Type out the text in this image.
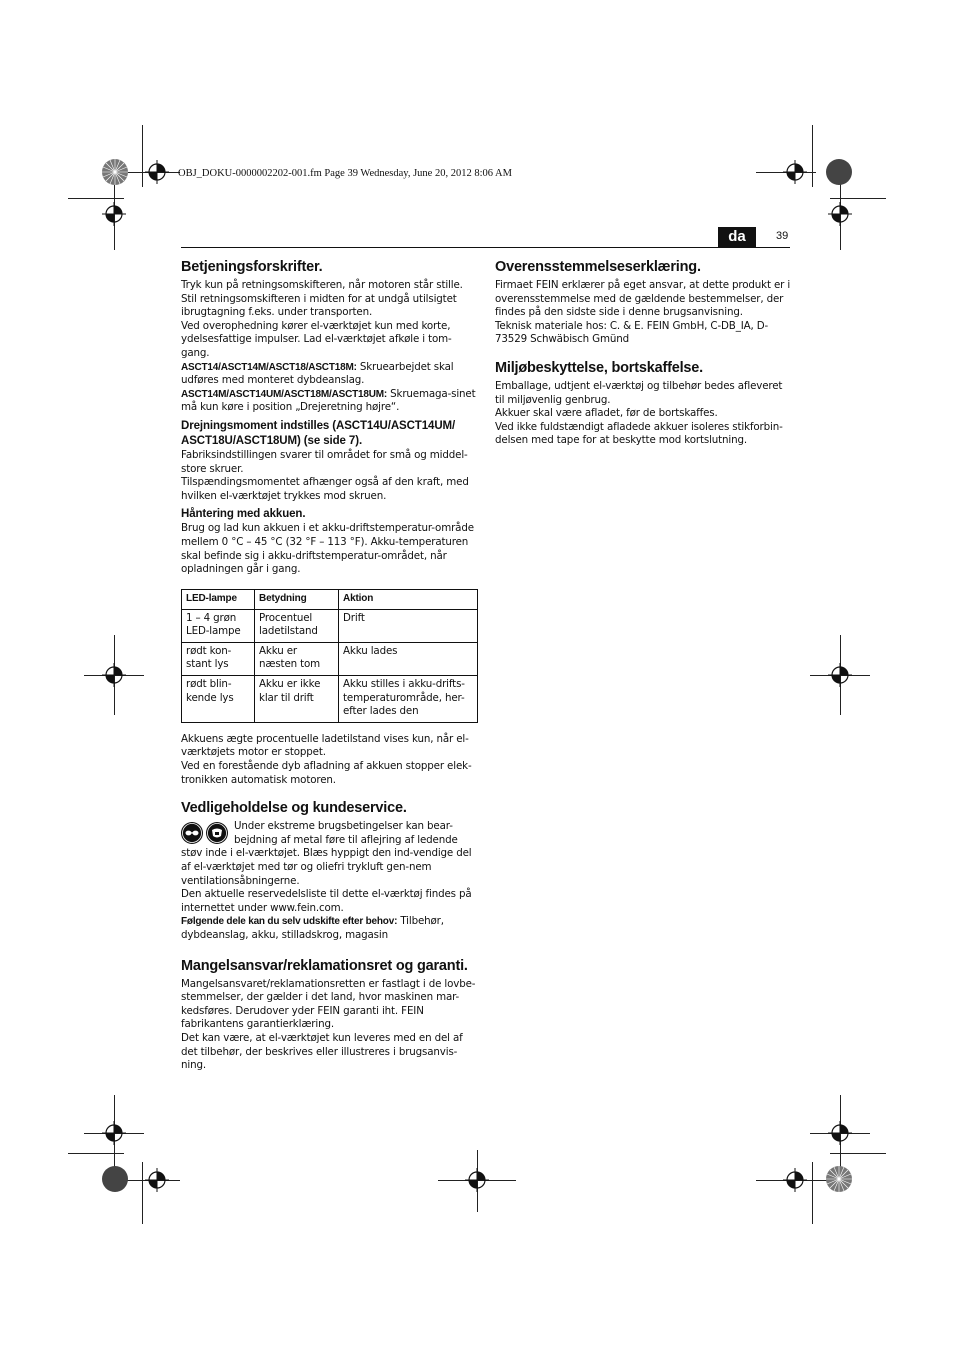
OBJ_DOKU-0000002202-001.fm Page 39 Wednesday, June 20, 2012 8:06 AM
da	39
Betjeningsforskrifter.

Tryk kun på retningsomskifteren, når motoren står stille.

Stil retningsomskifteren i midten for at undgå utilsigtet ibrugtagning f.eks. under transporten.

Ved overophedning kører el-værktøjet kun med korte, ydelsesfattige impulser. Lad el-værktøjet afkøle i tom-gang.

ASCT14/ASCT14M/ASCT18/ASCT18M: Skruearbejdet skal udføres med monteret dybdeanslag.

ASCT14M/ASCT14UM/ASCT18M/ASCT18UM: Skruemaga-sinet må kun køre i position „Drejeretning højre“.

Drejningsmoment indstilles (ASCT14U/ASCT14UM/ ASCT18U/ASCT18UM) (se side 7).

Fabriksindstillingen svarer til området for små og middel-store skruer.

Tilspændingsmomentet afhænger også af den kraft, med hvilken el-værktøjet trykkes mod skruen.

Håntering med akkuen.

Brug og lad kun akkuen i et akku-driftstemperatur-område mellem 0 °C – 45 °C (32 °F – 113 °F). Akku-temperaturen skal befinde sig i akku-driftstemperatur-området, når opladningen går i gang.

LED-lampe	Betydning	Aktion
1 – 4 grøn LED-lampe	Procentuel ladetilstand	Drift
rødt kon-stant lys	Akku er næsten tom	Akku lades
rødt blin-kende lys	Akku er ikke klar til drift	Akku stilles i akku-drifts-temperaturområde, her-efter lades den

Akkuens ægte procentuelle ladetilstand vises kun, når el-værktøjets motor er stoppet.

Ved en forestående dyb afladning af akkuen stopper elek-tronikken automatisk motoren.

Vedligeholdelse og kundeservice.

Under ekstreme brugsbetingelser kan bear-bejdning af metal føre til aflejring af ledende støv inde i el-værktøjet. Blæs hyppigt den ind-vendige del af el-værktøjet med tør og oliefri trykluft gen-nem ventilationsåbningerne.

Den aktuelle reservedelsliste til dette el-værktøj findes på internettet under www.fein.com.

Følgende dele kan du selv udskifte efter behov: Tilbehør, dybdeanslag, akku, stilladskrog, magasin

Mangelsansvar/reklamationsret og garanti.

Mangelsansvaret/reklamationsretten er fastlagt i de lovbe-stemmelser, der gælder i det land, hvor maskinen mar-kedsføres. Derudover yder FEIN garanti iht. FEIN fabrikantens garantierklæring.

Det kan være, at el-værktøjet kun leveres med en del af det tilbehør, der beskrives eller illustreres i brugsanvis-ning.

Overensstemmelseserklæring.

Firmaet FEIN erklærer på eget ansvar, at dette produkt er i overensstemmelse med de gældende bestemmelser, der findes på den sidste side i denne brugsanvisning.

Teknisk materiale hos: C. & E. FEIN GmbH, C-DB_IA, D-73529 Schwäbisch Gmünd

Miljøbeskyttelse, bortskaffelse.

Emballage, udtjent el-værktøj og tilbehør bedes afleveret til miljøvenlig genbrug.

Akkuer skal være afladet, før de bortskaffes.

Ved ikke fuldstændigt afladede akkuer isoleres stikforbin-delsen med tape for at beskytte mod kortslutning.
